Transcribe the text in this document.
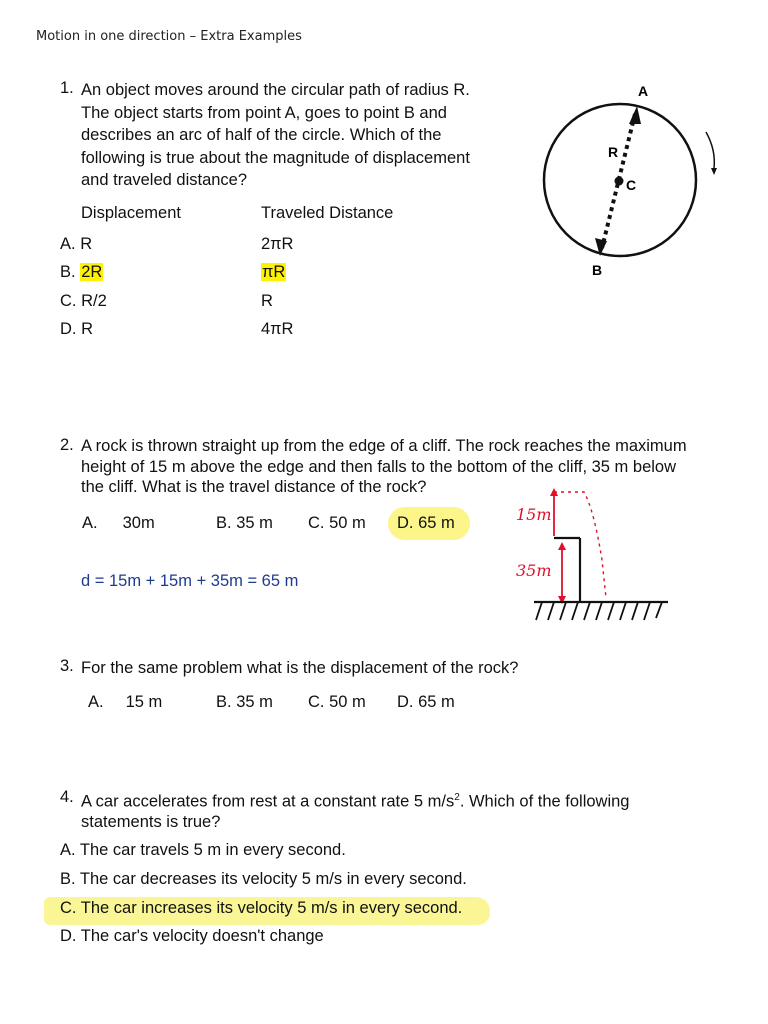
Motion in one direction – Extra Examples
1. An object moves around the circular path of radius R.
The object starts from point A, goes to point B and
describes an arc of half of the circle. Which of the
following is true about the magnitude of displacement
and traveled distance?
Displacement	Traveled Distance
A. R	2πR
B. 2R	πR
C. R/2	R
D. R	4πR
A
B
R
C
2. A rock is thrown straight up from the edge of a cliff. The rock reaches the maximum
height of 15 m above the edge and then falls to the bottom of the cliff, 35 m below
the cliff. What is the travel distance of the rock?
A. 30m	B. 35 m C. 50 m D. 65 m
d = 15m + 15m + 35m = 65 m
15m
35m
3. For the same problem what is the displacement of the rock?
A. 15 m	B. 35 m C. 50 m D. 65 m
4. A car accelerates from rest at a constant rate 5 $m/s^2$. Which of the following
statements is true?
A. The car travels 5 m in every second.
B. The car decreases its velocity 5 m/s in every second.
C. The car increases its velocity 5 m/s in every second.
D. The car's velocity doesn't change
